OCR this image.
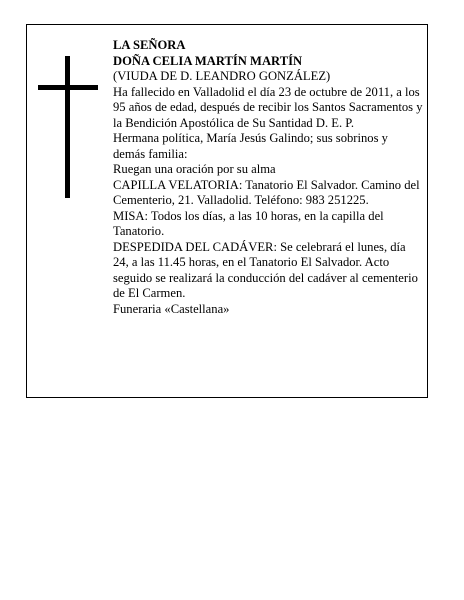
LA SEÑORA

DOÑA CELIA MARTÍN MARTÍN

(VIUDA DE D. LEANDRO GONZÁLEZ)

Ha fallecido en Valladolid el día 23 de octubre de 2011, a los 95 años de edad, después de recibir los Santos Sacramentos y la Bendición Apostólica de Su Santidad D. E. P.

Hermana política, María Jesús Galindo; sus sobrinos y demás familia:

Ruegan una oración por su alma

CAPILLA VELATORIA: Tanatorio El Salvador. Camino del Cementerio, 21. Valladolid. Teléfono: 983 251225.

MISA: Todos los días, a las 10 horas, en la capilla del Tanatorio.

DESPEDIDA DEL CADÁVER: Se celebrará el lunes, día 24, a las 11.45 horas, en el Tanatorio El Salvador. Acto seguido se realizará la conducción del cadáver al cementerio de El Carmen.

Funeraria «Castellana»
